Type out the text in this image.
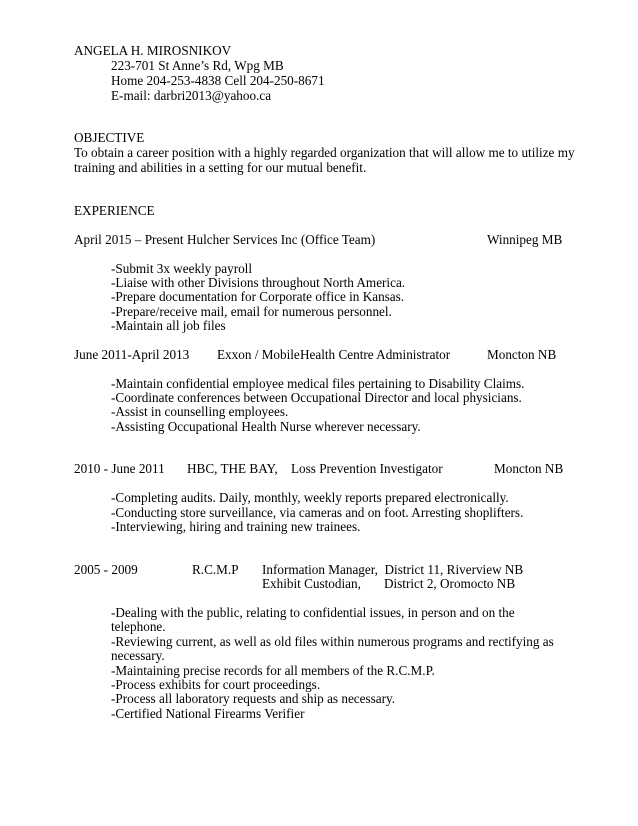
ANGELA H. MIROSNIKOV
223-701 St Anne’s Rd, Wpg MB
Home 204-253-4838 Cell 204-250-8671
E-mail: darbri2013@yahoo.ca
OBJECTIVE
To obtain a career position with a highly regarded organization that will allow me to utilize my
training and abilities in a setting for our mutual benefit.
EXPERIENCE
April 2015 – Present Hulcher Services Inc (Office Team)	Winnipeg MB
-Submit 3x weekly payroll
-Liaise with other Divisions throughout North America.
-Prepare documentation for Corporate office in Kansas.
-Prepare/receive mail, email for numerous personnel.
-Maintain all job files
June 2011-April 2013 Exxon / Mobile Health Centre Administrator	Moncton NB
-Maintain confidential employee medical files pertaining to Disability Claims.
-Coordinate conferences between Occupational Director and local physicians.
-Assist in counselling employees.
-Assisting Occupational Health Nurse wherever necessary.
2010 - June 2011 HBC, THE BAY, Loss Prevention Investigator	Moncton NB
-Completing audits. Daily, monthly, weekly reports prepared electronically.
-Conducting store surveillance, via cameras and on foot. Arresting shoplifters.
-Interviewing, hiring and training new trainees.
2005 - 2009	R.C.M.P Information Manager,  District 11, Riverview NB
Exhibit Custodian,       District 2, Oromocto NB
-Dealing with the public, relating to confidential issues, in person and on the
telephone.
-Reviewing current, as well as old files within numerous programs and rectifying as
necessary.
-Maintaining precise records for all members of the R.C.M.P.
-Process exhibits for court proceedings.
-Process all laboratory requests and ship as necessary.
-Certified National Firearms Verifier
